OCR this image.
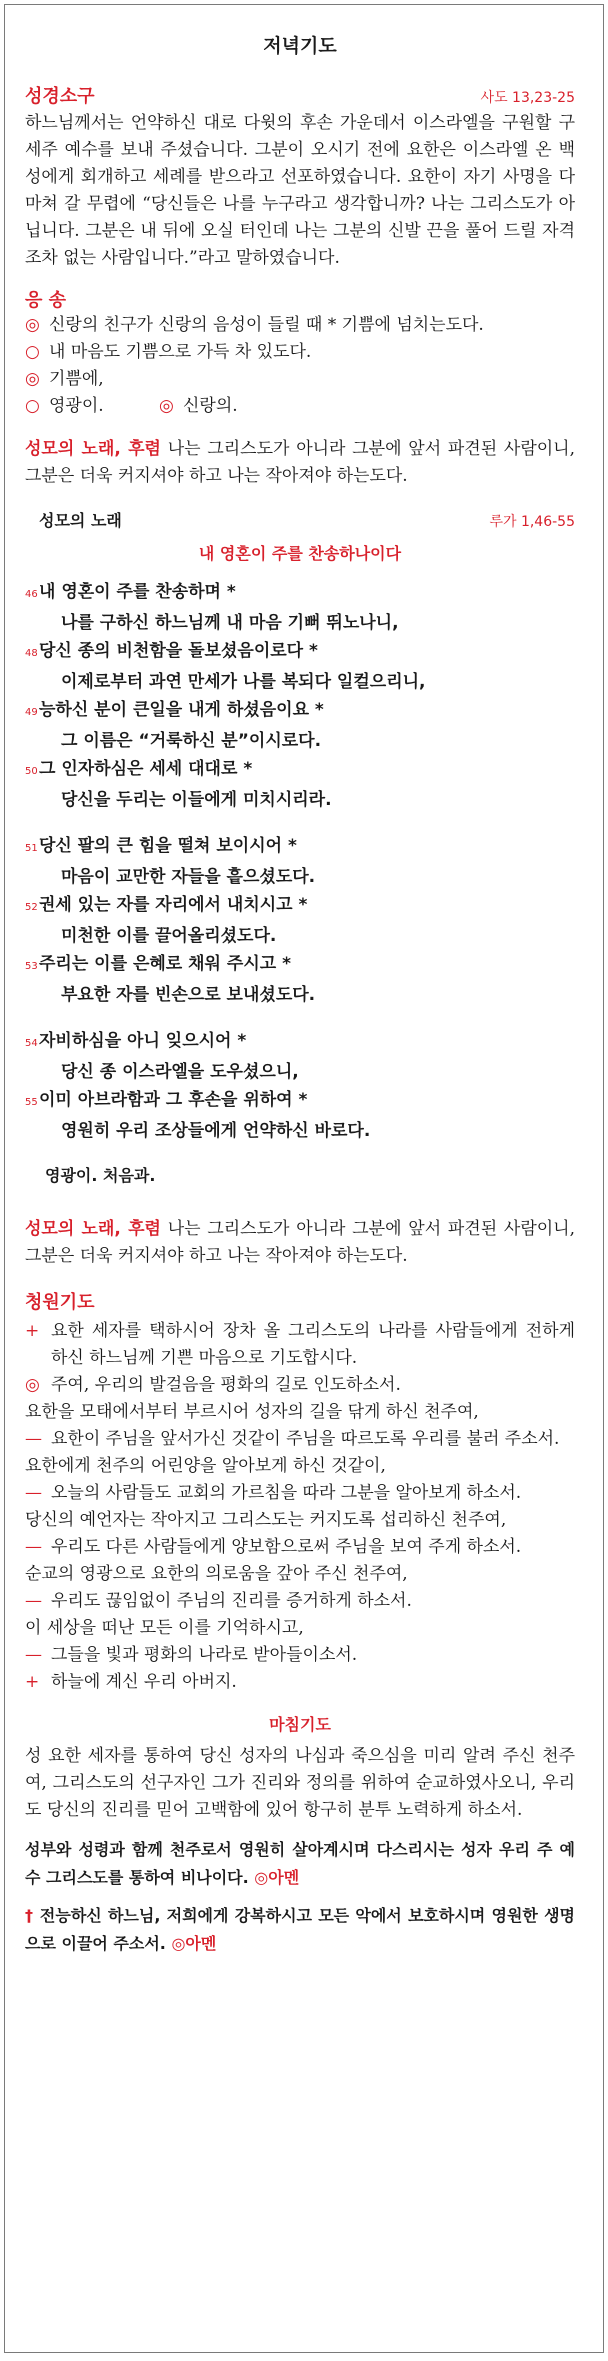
저녁기도
성경소구	사도 13,23-25

하느님께서는 언약하신 대로 다윗의 후손 가운데서 이스라엘을 구원할 구세주 예수를 보내 주셨습니다. 그분이 오시기 전에 요한은 이스라엘 온 백성에게 회개하고 세례를 받으라고 선포하였습니다. 요한이 자기 사명을 다 마쳐 갈 무렵에 “당신들은 나를 누구라고 생각합니까? 나는 그리스도가 아닙니다. 그분은 내 뒤에 오실 터인데 나는 그분의 신발 끈을 풀어 드릴 자격조차 없는 사람입니다.”라고 말하였습니다.

응 송
◎ 신랑의 친구가 신랑의 음성이 들릴 때 * 기쁨에 넘치는도다.
○ 내 마음도 기쁨으로 가득 차 있도다.
◎ 기쁨에,
○ 영광이.	◎ 신랑의.

성모의 노래, 후렴 나는 그리스도가 아니라 그분에 앞서 파견된 사람이니, 그분은 더욱 커지셔야 하고 나는 작아져야 하는도다.

성모의 노래	루가 1,46-55
내 영혼이 주를 찬송하나이다
46 내 영혼이 주를 찬송하며 *
나를 구하신 하느님께 내 마음 기뻐 뛰노나니,
48 당신 종의 비천함을 돌보셨음이로다 *
이제로부터 과연 만세가 나를 복되다 일컬으리니,
49 능하신 분이 큰일을 내게 하셨음이요 *
그 이름은 “거룩하신 분”이시로다.
50 그 인자하심은 세세 대대로 *
당신을 두리는 이들에게 미치시리라.
51 당신 팔의 큰 힘을 떨쳐 보이시어 *
마음이 교만한 자들을 흩으셨도다.
52 권세 있는 자를 자리에서 내치시고 *
미천한 이를 끌어올리셨도다.
53 주리는 이를 은혜로 채워 주시고 *
부요한 자를 빈손으로 보내셨도다.
54 자비하심을 아니 잊으시어 *
당신 종 이스라엘을 도우셨으니,
55 이미 아브라함과 그 후손을 위하여 *
영원히 우리 조상들에게 언약하신 바로다.
영광이. 처음과.

성모의 노래, 후렴 나는 그리스도가 아니라 그분에 앞서 파견된 사람이니, 그분은 더욱 커지셔야 하고 나는 작아져야 하는도다.

청원기도
+ 요한 세자를 택하시어 장차 올 그리스도의 나라를 사람들에게 전하게 하신 하느님께 기쁜 마음으로 기도합시다.
◎ 주여, 우리의 발걸음을 평화의 길로 인도하소서.
요한을 모태에서부터 부르시어 성자의 길을 닦게 하신 천주여,
— 요한이 주님을 앞서가신 것같이 주님을 따르도록 우리를 불러 주소서.
요한에게 천주의 어린양을 알아보게 하신 것같이,
— 오늘의 사람들도 교회의 가르침을 따라 그분을 알아보게 하소서.
당신의 예언자는 작아지고 그리스도는 커지도록 섭리하신 천주여,
— 우리도 다른 사람들에게 양보함으로써 주님을 보여 주게 하소서.
순교의 영광으로 요한의 의로움을 갚아 주신 천주여,
— 우리도 끊임없이 주님의 진리를 증거하게 하소서.
이 세상을 떠난 모든 이를 기억하시고,
— 그들을 빛과 평화의 나라로 받아들이소서.
+ 하늘에 계신 우리 아버지.
마침기도

성 요한 세자를 통하여 당신 성자의 나심과 죽으심을 미리 알려 주신 천주여, 그리스도의 선구자인 그가 진리와 정의를 위하여 순교하였사오니, 우리도 당신의 진리를 믿어 고백함에 있어 항구히 분투 노력하게 하소서.

성부와 성령과 함께 천주로서 영원히 살아계시며 다스리시는 성자 우리 주 예수 그리스도를 통하여 비나이다. ◎아멘

† 전능하신 하느님, 저희에게 강복하시고 모든 악에서 보호하시며 영원한 생명으로 이끌어 주소서. ◎아멘
